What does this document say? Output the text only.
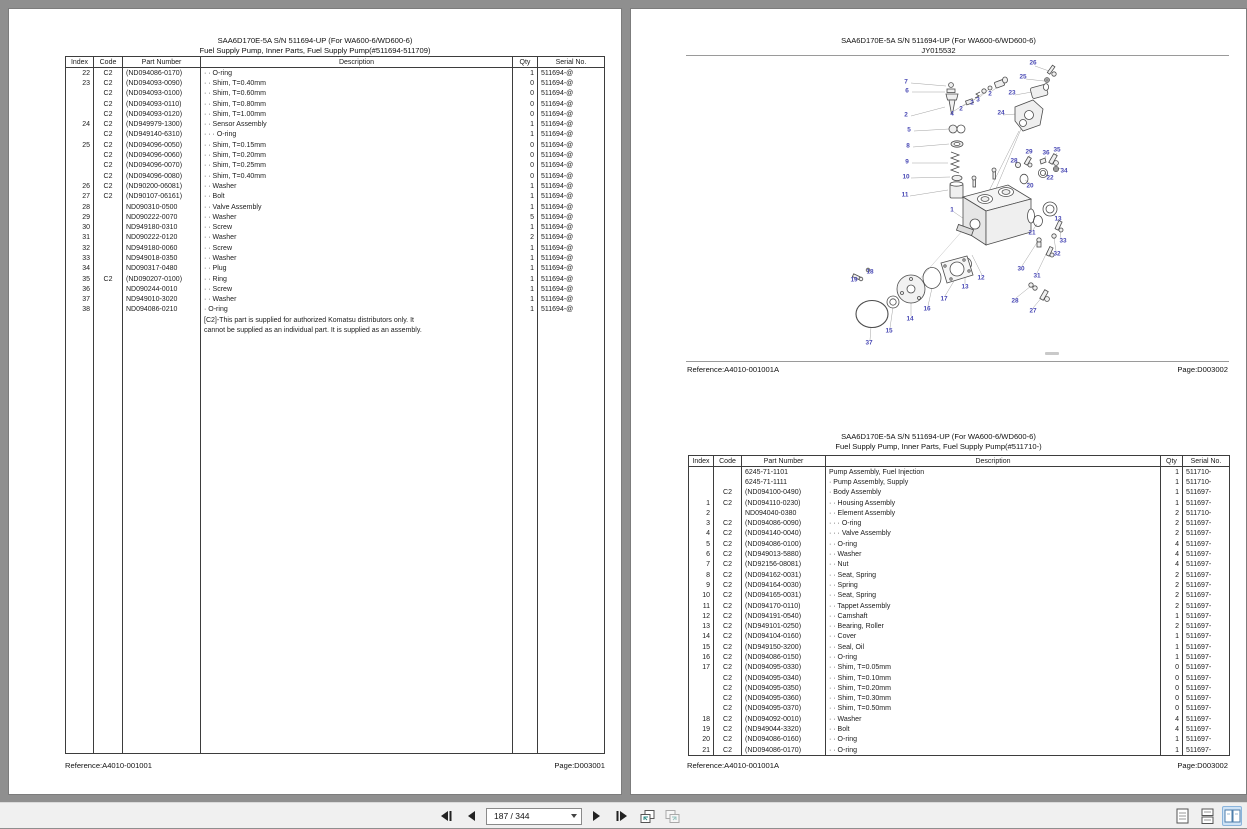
SAA6D170E-5A S/N 511694-UP (For WA600-6/WD600-6)
Fuel Supply Pump, Inner Parts, Fuel Supply Pump(#511694-511709)
Index	Code	Part Number	Description	Qty	Serial No.
22	C2	(ND094086-0170)	· · O-ring	1	511694-@
23	C2	(ND094093-0090)	· · Shim, T=0.40mm	0	511694-@
	C2	(ND094093-0100)	· · Shim, T=0.60mm	0	511694-@
	C2	(ND094093-0110)	· · Shim, T=0.80mm	0	511694-@
	C2	(ND094093-0120)	· · Shim, T=1.00mm	0	511694-@
24	C2	(ND949979-1300)	· · Sensor Assembly	1	511694-@
	C2	(ND949140-6310)	· · · O-ring	1	511694-@
25	C2	(ND094096-0050)	· · Shim, T=0.15mm	0	511694-@
	C2	(ND094096-0060)	· · Shim, T=0.20mm	0	511694-@
	C2	(ND094096-0070)	· · Shim, T=0.25mm	0	511694-@
	C2	(ND094096-0080)	· · Shim, T=0.40mm	0	511694-@
26	C2	(ND90200-06081)	· · Washer	1	511694-@
27	C2	(ND90107-06161)	· · Bolt	1	511694-@
28		ND090310-0500	· · Valve Assembly	1	511694-@
29		ND090222-0070	· · Washer	5	511694-@
30		ND949180-0310	· · Screw	1	511694-@
31		ND090222-0120	· · Washer	2	511694-@
32		ND949180-0060	· · Screw	1	511694-@
33		ND949018-0350	· · Washer	1	511694-@
34		ND090317-0480	· · Plug	1	511694-@
35	C2	(ND090207-0100)	· · Ring	1	511694-@
36		ND090244-0010	· · Screw	1	511694-@
37		ND949010-3020	· · Washer	1	511694-@
38		ND094086-0210	· O-ring	1	511694-@
			[C2]-This part is supplied for authorized Komatsu distributors only. It		
			cannot be supplied as an individual part. It is supplied as an assembly.		

Reference:A4010-001001	Page:D003001
SAA6D170E-5A S/N 511694-UP (For WA600-6/WD600-6)
JY015532
26
25
23
24
7
6
2
5
8
9
10
11
4
2
2 3
2
28
29 36 35
34
22
20
1
13
21
33
32
30
31
12
13
18
19
17
16
14
15
37
28
27
Reference:A4010-001001A	Page:D003002
SAA6D170E-5A S/N 511694-UP (For WA600-6/WD600-6)
Fuel Supply Pump, Inner Parts, Fuel Supply Pump(#511710-)
Index	Code	Part Number	Description	Qty	Serial No.
		6245-71-1101	Pump Assembly, Fuel Injection	1	511710-
		6245-71-1111	· Pump Assembly, Supply	1	511710-
	C2	(ND094100-0490)	· Body Assembly	1	511697-
1	C2	(ND094110-0230)	· · Housing Assembly	1	511697-
2		ND094040-0380	· · Element Assembly	2	511710-
3	C2	(ND094086-0090)	· · · O-ring	2	511697-
4	C2	(ND094140-0040)	· · · Valve Assembly	2	511697-
5	C2	(ND094086-0100)	· · O-ring	4	511697-
6	C2	(ND949013-5880)	· · Washer	4	511697-
7	C2	(ND92156-08081)	· · Nut	4	511697-
8	C2	(ND094162-0031)	· · Seat, Spring	2	511697-
9	C2	(ND094164-0030)	· · Spring	2	511697-
10	C2	(ND094165-0031)	· · Seat, Spring	2	511697-
11	C2	(ND094170-0110)	· · Tappet Assembly	2	511697-
12	C2	(ND094191-0540)	· · Camshaft	1	511697-
13	C2	(ND949101-0250)	· · Bearing, Roller	2	511697-
14	C2	(ND094104-0160)	· · Cover	1	511697-
15	C2	(ND949150-3200)	· · Seal, Oil	1	511697-
16	C2	(ND094086-0150)	· · O-ring	1	511697-
17	C2	(ND094095-0330)	· · Shim, T=0.05mm	0	511697-
	C2	(ND094095-0340)	· · Shim, T=0.10mm	0	511697-
	C2	(ND094095-0350)	· · Shim, T=0.20mm	0	511697-
	C2	(ND094095-0360)	· · Shim, T=0.30mm	0	511697-
	C2	(ND094095-0370)	· · Shim, T=0.50mm	0	511697-
18	C2	(ND094092-0010)	· · Washer	4	511697-
19	C2	(ND949044-3320)	· · Bolt	4	511697-
20	C2	(ND094086-0160)	· · O-ring	1	511697-
21	C2	(ND094086-0170)	· · O-ring	1	511697-

Reference:A4010-001001A	Page:D003002
187 / 344
